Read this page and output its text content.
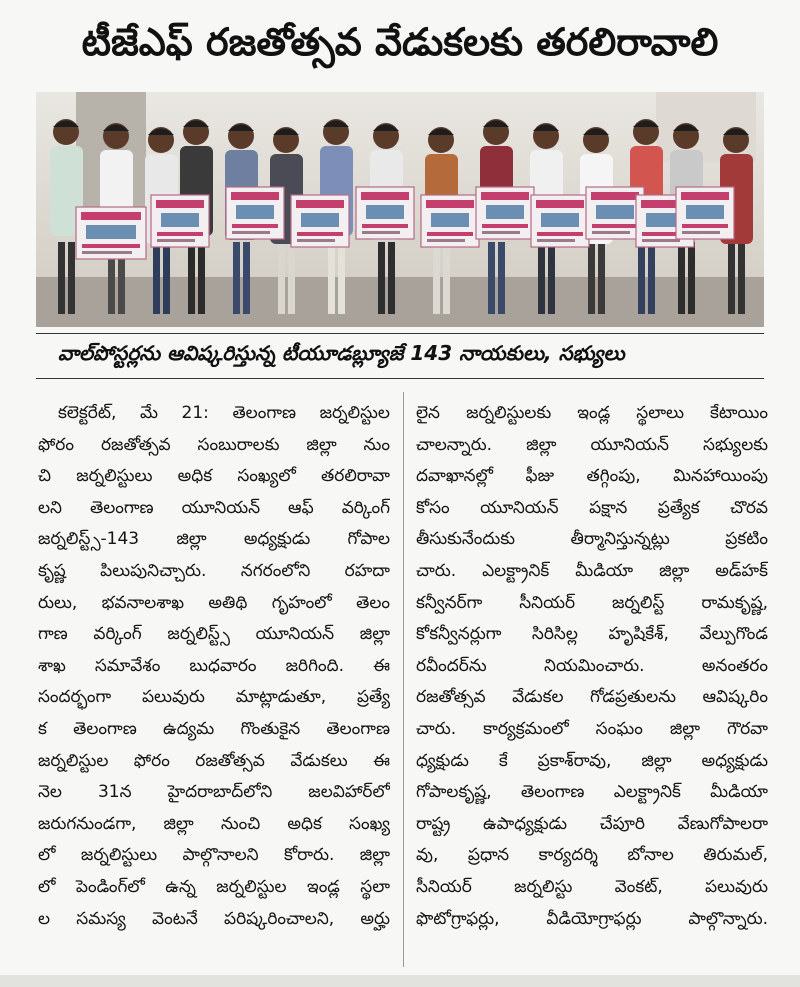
టీజేఎఫ్ రజతోత్సవ వేడుకలకు తరలిరావాలి
వాల్‌పోస్టర్లను ఆవిష్కరిస్తున్న టీయూడబ్ల్యూజే 143 నాయకులు, సభ్యులు
కలెక్టరేట్, మే 21: తెలంగాణ జర్నలిస్టుల
ఫోరం రజతోత్సవ సంబురాలకు జిల్లా నుం
చి జర్నలిస్టులు అధిక సంఖ్యలో తరలిరావా
లని తెలంగాణ యూనియన్ ఆఫ్ వర్కింగ్
జర్నలిస్ట్స్-143 జిల్లా అధ్యక్షుడు గోపాల
కృష్ణ పిలుపునిచ్చారు. నగరంలోని రహదా
రులు, భవనాలశాఖ అతిథి గృహంలో తెలం
గాణ వర్కింగ్ జర్నలిస్ట్స్ యూనియన్ జిల్లా
శాఖ సమావేశం బుధవారం జరిగింది. ఈ
సందర్భంగా పలువురు మాట్లాడుతూ, ప్రత్యే
క తెలంగాణ ఉద్యమ గొంతుకైన తెలంగాణ
జర్నలిస్టుల ఫోరం రజతోత్సవ వేడుకలు ఈ
నెల 31న హైదరాబాద్‌లోని జలవిహార్‌లో
జరుగనుండగా, జిల్లా నుంచి అధిక సంఖ్య
లో జర్నలిస్టులు పాల్గొనాలని కోరారు. జిల్లా
లో పెండింగ్‌లో ఉన్న జర్నలిస్టుల ఇండ్ల స్థలా
ల సమస్య వెంటనే పరిష్కరించాలని, అర్హు
లైన జర్నలిస్టులకు ఇండ్ల స్థలాలు కేటాయిం
చాలన్నారు. జిల్లా యూనియన్ సభ్యులకు
దవాఖానల్లో ఫీజు తగ్గింపు, మినహాయింపు
కోసం యూనియన్ పక్షాన ప్రత్యేక చొరవ
తీసుకునేందుకు తీర్మానిస్తున్నట్లు ప్రకటిం
చారు. ఎలక్ట్రానిక్ మీడియా జిల్లా అడ్‌హక్
కన్వీనర్‌గా సీనియర్ జర్నలిస్ట్ రామకృష్ణ,
కోకన్వీనర్లుగా సిరిసిల్ల హృషికేశ్, వేల్పుగొండ
రవీందర్‌ను నియమించారు. అనంతరం
రజతోత్సవ వేడుకల గోడప్రతులను ఆవిష్కరిం
చారు. కార్యక్రమంలో సంఘం జిల్లా గౌరవా
ధ్యక్షుడు కే ప్రకాశ్‌రావు, జిల్లా అధ్యక్షుడు
గోపాలకృష్ణ, తెలంగాణ ఎలక్ట్రానిక్ మీడియా
రాష్ట్ర ఉపాధ్యక్షుడు చేపూరి వేణుగోపాలరా
వు, ప్రధాన కార్యదర్శి బోనాల తిరుమల్,
సీనియర్ జర్నలిస్టు వెంకట్, పలువురు
ఫొటోగ్రాఫర్లు, వీడియోగ్రాఫర్లు పాల్గొన్నారు.
